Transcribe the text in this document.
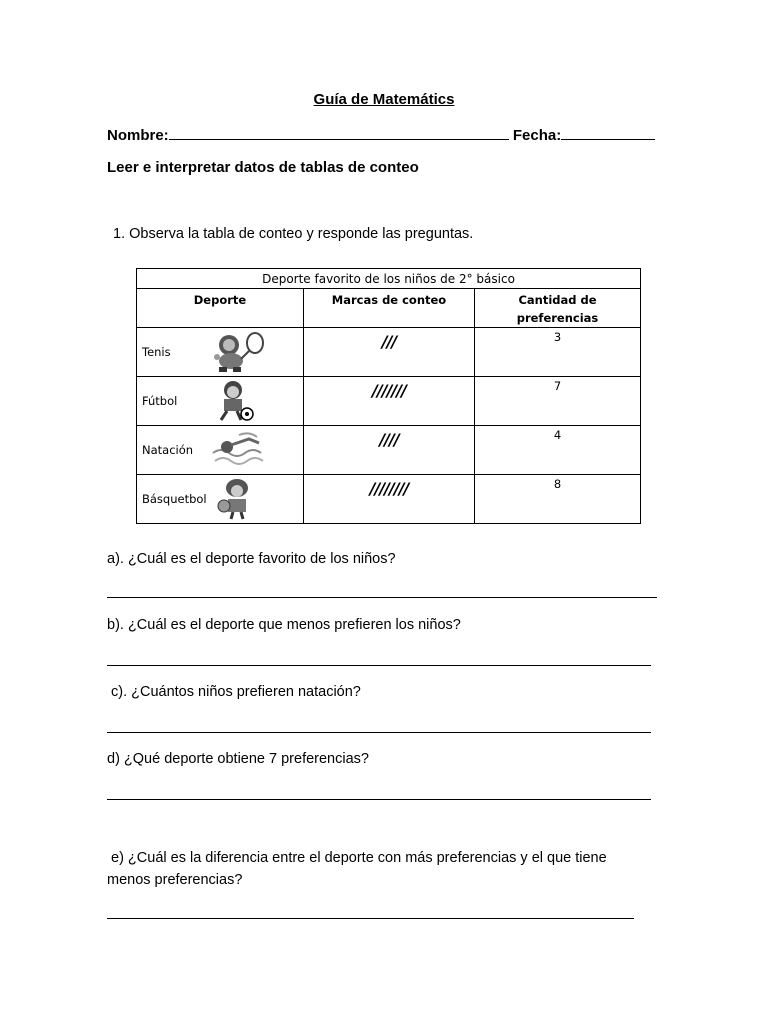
Guía de Matemátics
Nombre:	Fecha:
Leer e interpretar datos de tablas de conteo
1. Observa la tabla de conteo y responde las preguntas.
Deporte favorito de los niños de 2° básico		
Deporte	Marcas de conteo	Cantidad de
preferencias

Tenis	///	3

Fútbol	///////	7

Natación	////	4

Básquetbol	////////	8
a). ¿Cuál es el deporte favorito de los niños?
b). ¿Cuál es el deporte que menos prefieren los niños?
c). ¿Cuántos niños prefieren natación?
d) ¿Qué deporte obtiene 7 preferencias?
e) ¿Cuál es la diferencia entre el deporte con más preferencias y el que tiene
menos preferencias?
